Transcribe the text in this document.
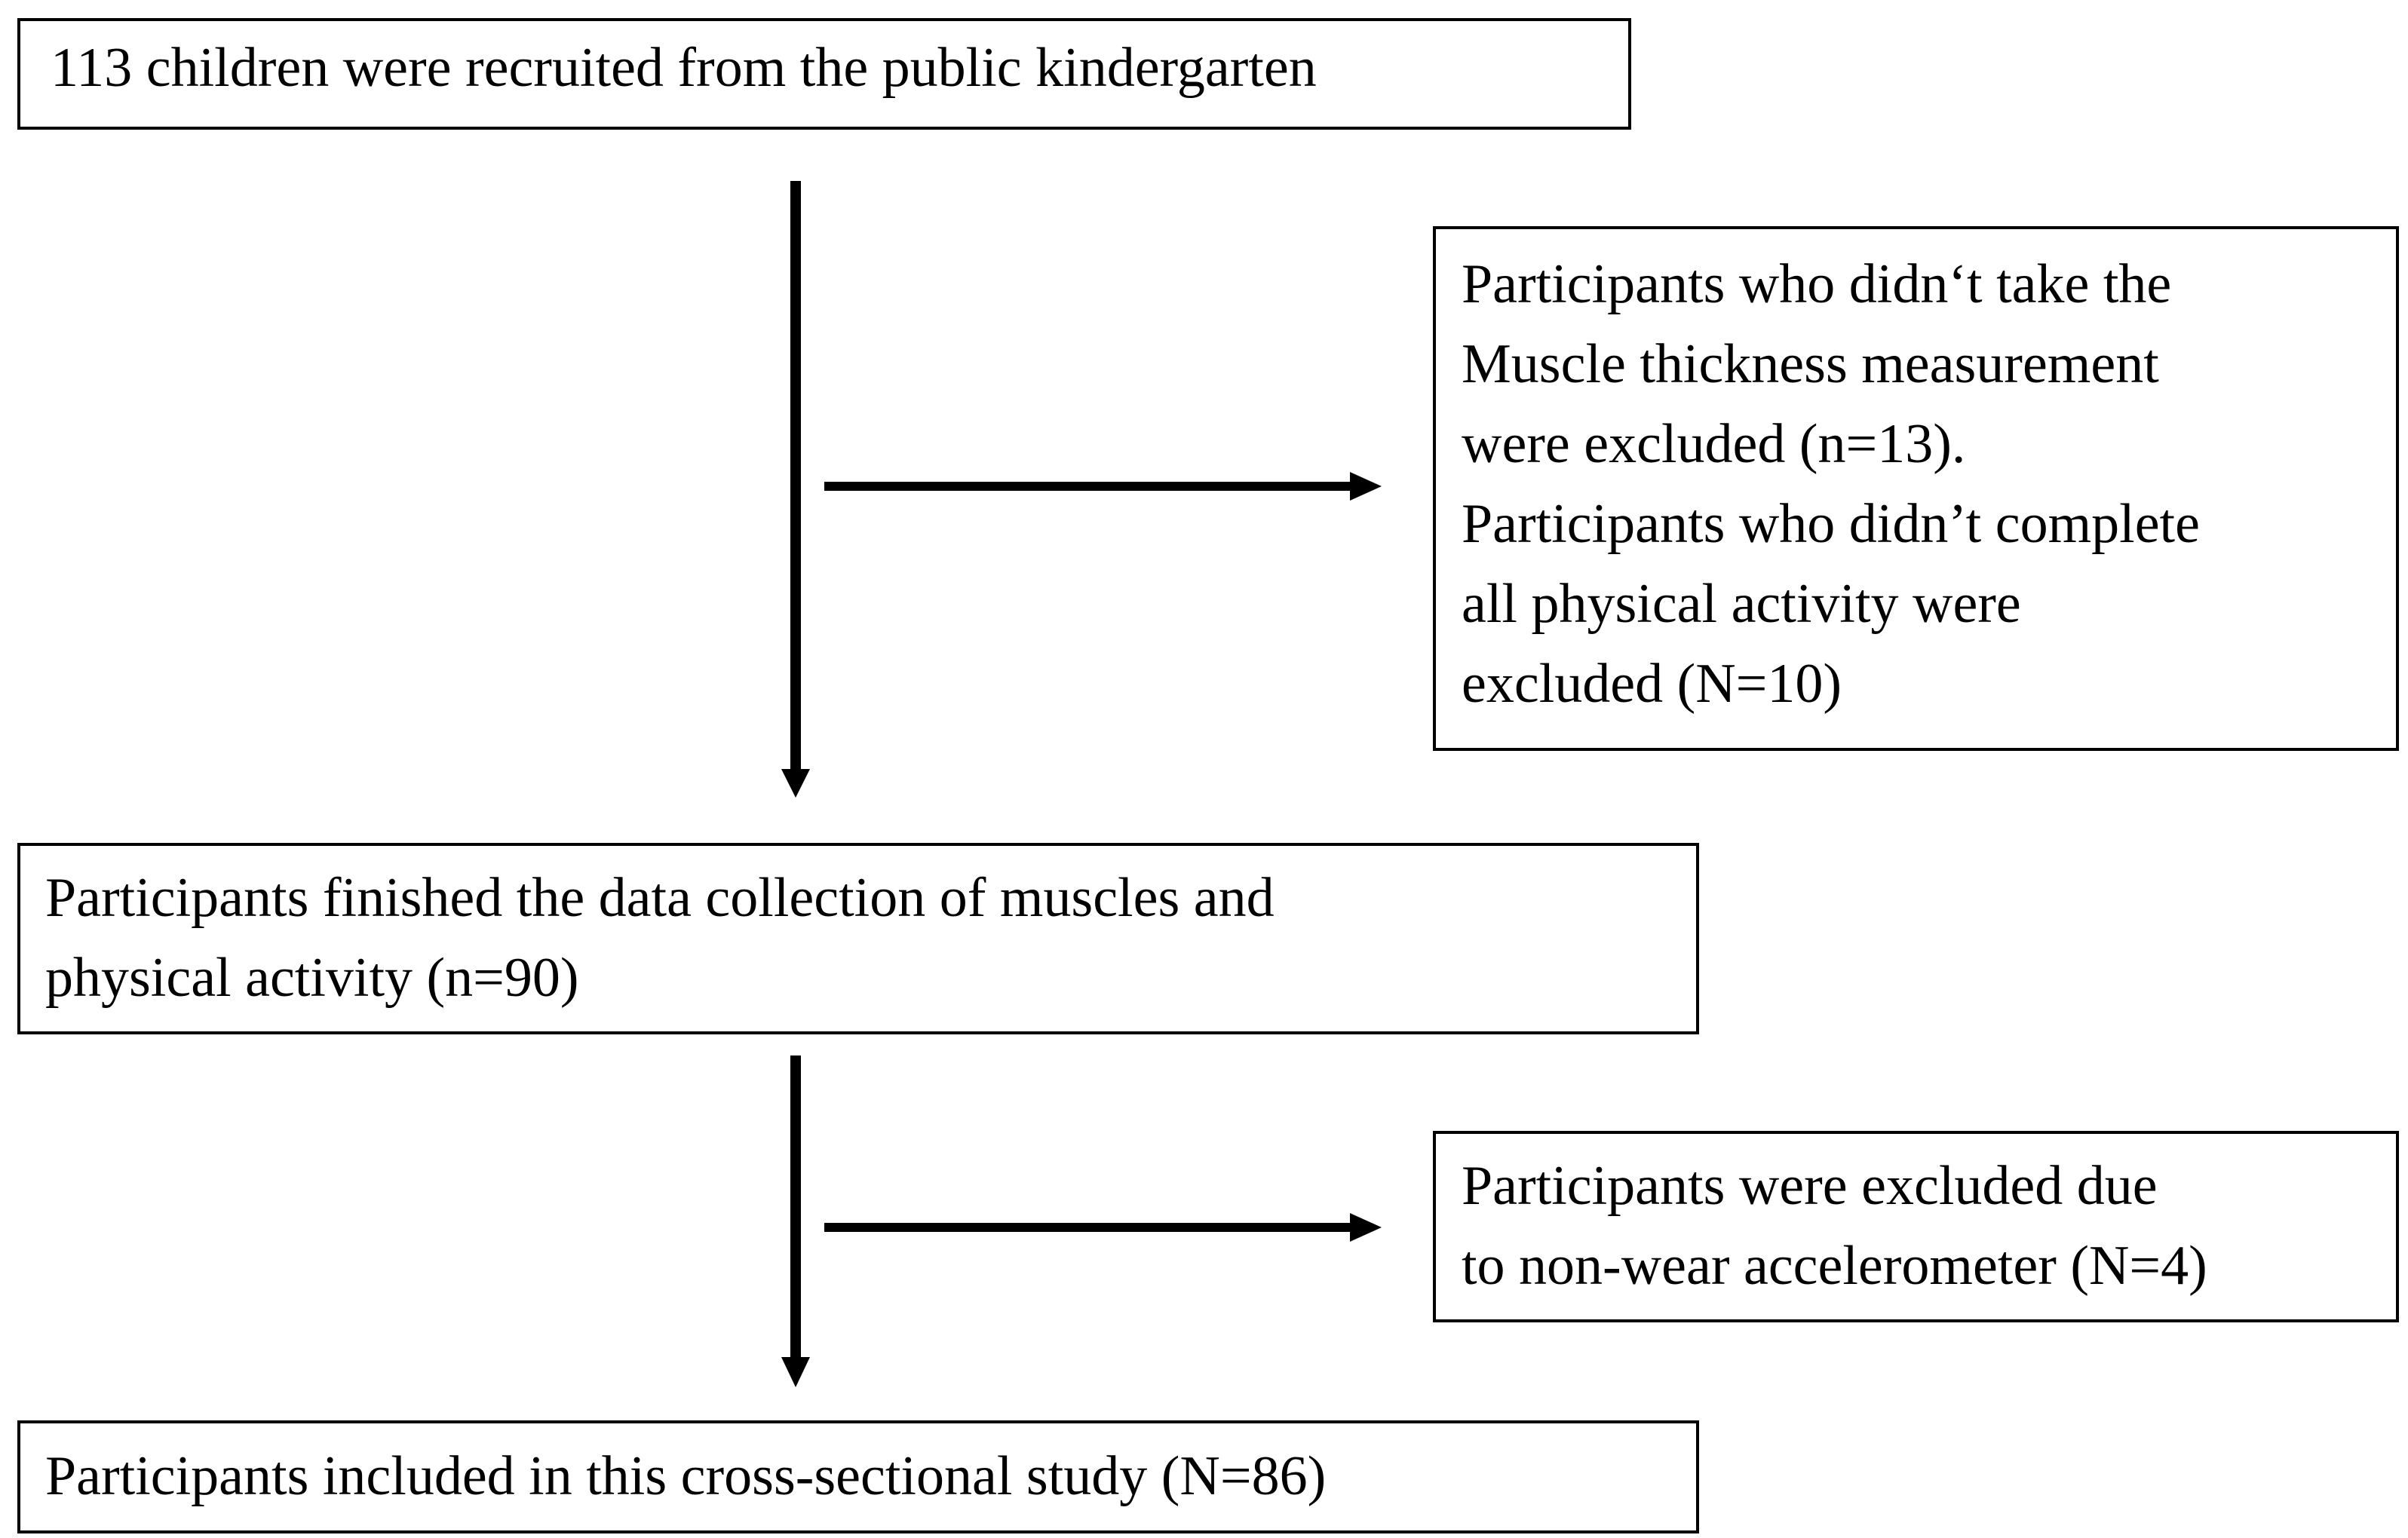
113 children were recruited from the public kindergarten
Participants who didn‘t take the
Muscle thickness measurement
were excluded (n=13).
Participants who didn’t complete
all physical activity were
excluded (N=10)
Participants finished the data collection of muscles and
physical activity (n=90)
Participants were excluded due
to non-wear accelerometer (N=4)
Participants included in this cross-sectional study (N=86)
